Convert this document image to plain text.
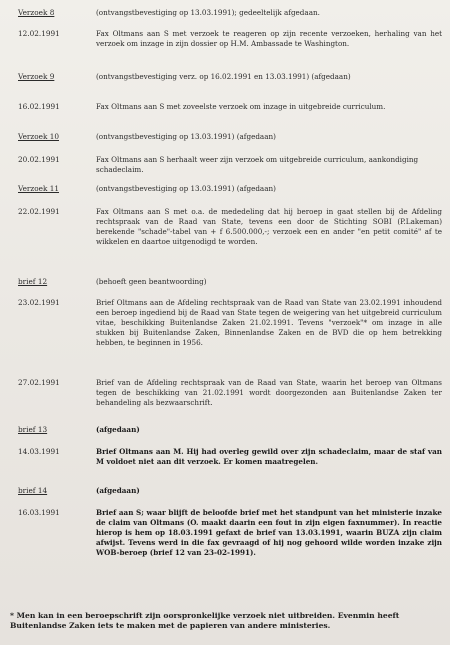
Verzoek 8	(ontvangstbevestiging op 13.03.1991); gedeeltelijk afgedaan.
12.02.1991	Fax Oltmans aan S met verzoek te reageren op zijn recente verzoeken, herhaling van het verzoek om inzage in zijn dossier op H.M. Ambassade te Washington.
Verzoek 9	(ontvangstbevestiging verz. op 16.02.1991 en 13.03.1991) (afgedaan)
16.02.1991	Fax Oltmans aan S met zoveelste verzoek om inzage in uitgebreide curriculum.
Verzoek 10	(ontvangstbevestiging op 13.03.1991) (afgedaan)
20.02.1991	Fax Oltmans aan S herhaalt weer zijn verzoek om uitgebreide curriculum, aankondiging schadeclaim.
Verzoek 11	(ontvangstbevestiging op 13.03.1991) (afgedaan)
22.02.1991	Fax Oltmans aan S met o.a. de mededeling dat hij beroep in gaat stellen bij de Afdeling rechtspraak van de Raad van State, tevens een door de Stichting SOBI (P.Lakeman) berekende "schade"-tabel van + f 6.500.000,-; verzoek een en ander "en petit comité" af te wikkelen en daartoe uitgenodigd te worden.
brief 12	(behoeft geen beantwoording)
23.02.1991	Brief Oltmans aan de Afdeling rechtspraak van de Raad van State van 23.02.1991 inhoudend een beroep ingediend bij de Raad van State tegen de weigering van het uitgebreid curriculum vitae, beschikking Buitenlandse Zaken 21.02.1991. Tevens "verzoek"* om inzage in alle stukken bij Buitenlandse Zaken, Binnenlandse Zaken en de BVD die op hem betrekking hebben, te beginnen in 1956.
27.02.1991	Brief van de Afdeling rechtspraak van de Raad van State, waarin het beroep van Oltmans tegen de beschikking van 21.02.1991 wordt doorgezonden aan Buitenlandse Zaken ter behandeling als bezwaarschrift.
brief 13	(afgedaan)
14.03.1991	Brief Oltmans aan M. Hij had overleg gewild over zijn schadeclaim, maar de staf van M voldoet niet aan dit verzoek. Er komen maatregelen.
brief 14	(afgedaan)
16.03.1991	Brief aan S; waar blijft de beloofde brief met het standpunt van het ministerie inzake de claim van Oltmans (O. maakt daarin een fout in zijn eigen faxnummer). In reactie hierop is hem op 18.03.1991 gefaxt de brief van 13.03.1991, waarin BUZA zijn claim afwijst. Tevens werd in die fax gevraagd of hij nog gehoord wilde worden inzake zijn WOB-beroep (brief 12 van 23-02-1991).
* Men kan in een beroepschrift zijn oorspronkelijke verzoek niet uitbreiden. Evenmin heeft Buitenlandse Zaken iets te maken met de papieren van andere ministeries.
